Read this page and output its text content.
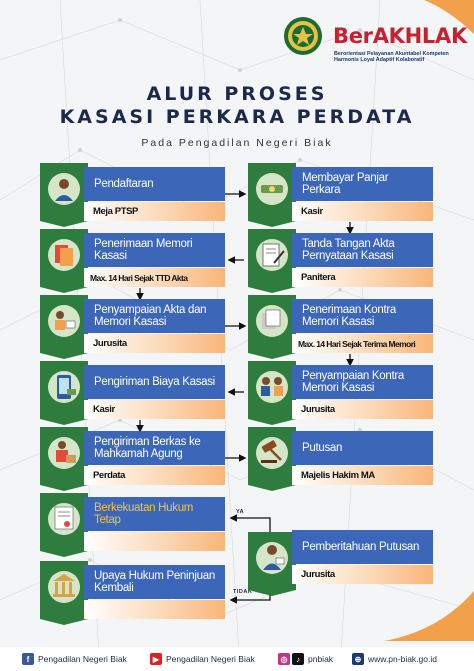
BerAKHLAK
Berorientasi Pelayanan Akuntabel Kompeten Harmonis Loyal Adaptif Kolaboratif
ALUR PROSES
KASASI PERKARA PERDATA
Pada Pengadilan Negeri Biak
YA
TIDAK
Pendaftaran
Meja PTSP
Membayar Panjar Perkara
Kasir
Penerimaan Memori Kasasi
Max. 14 Hari Sejak TTD Akta
Tanda Tangan Akta Pernyataan Kasasi
Panitera
Penyampaian Akta dan Memori Kasasi
Jurusita
Penerimaan Kontra Memori Kasasi
Max. 14 Hari Sejak Terima Memori
Pengiriman Biaya Kasasi
Kasir
Penyampaian Kontra Memori Kasasi
Jurusita
Pengiriman Berkas ke Mahkamah Agung
Perdata
Putusan
Majelis Hakim MA
Berkekuatan Hukum Tetap
Pemberitahuan Putusan
Jurusita
Upaya Hukum Peninjuan Kembali
f	Pengadilan Negeri Biak	▶ Pengadilan Negeri Biak	◎	♪ pnbiak	⊕ www.pn-biak.go.id
